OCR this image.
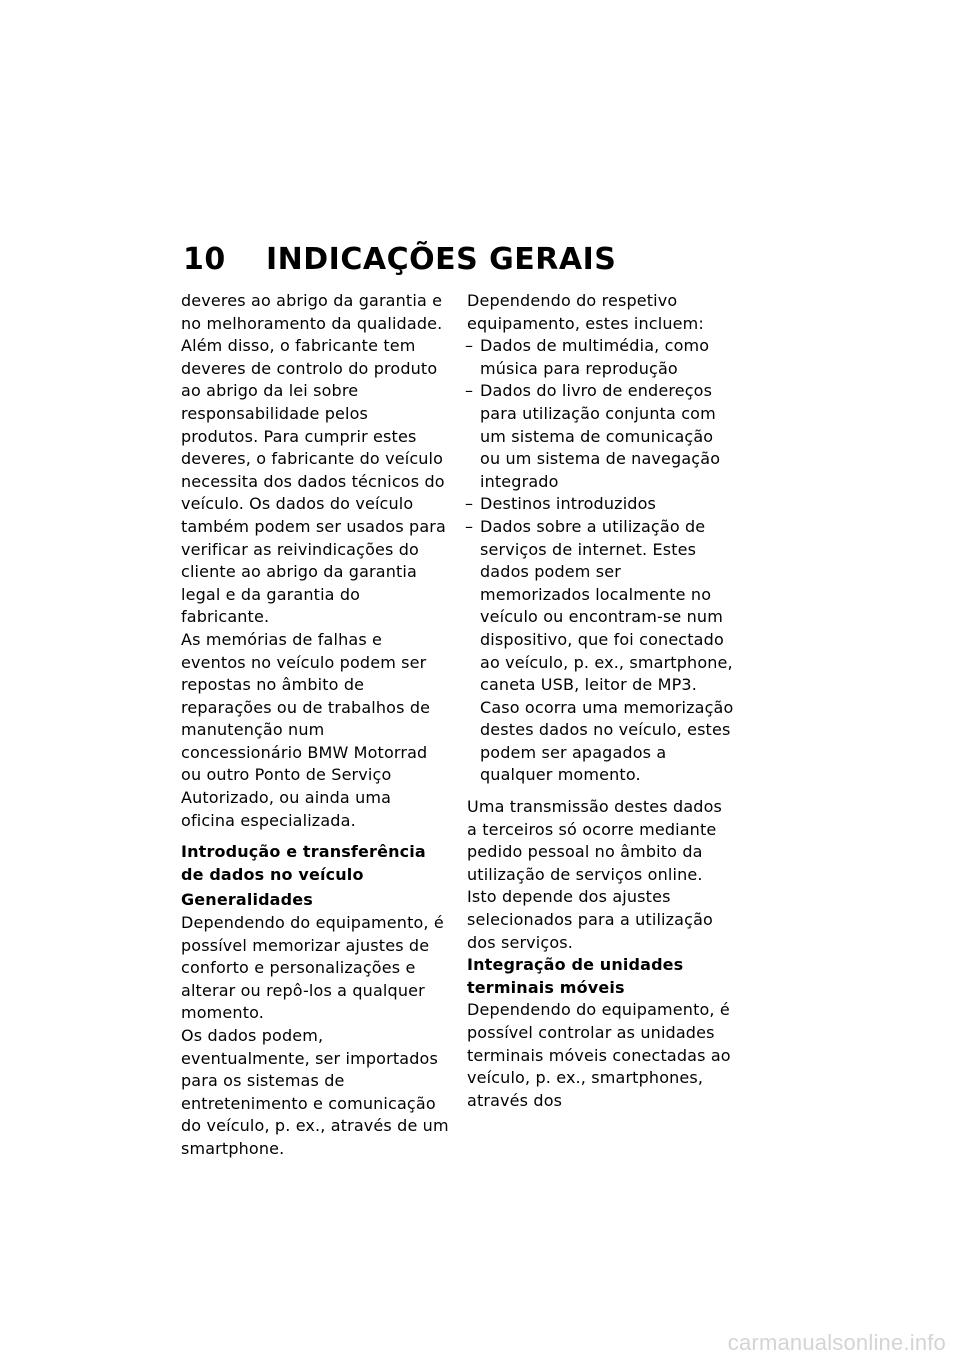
10 INDICAÇÕES GERAIS

deveres ao abrigo da garantia e no melhoramento da qualidade. Além disso, o fabricante tem deveres de controlo do produto ao abrigo da lei sobre responsabilidade pelos produtos. Para cumprir estes deveres, o fabricante do veículo necessita dos dados técnicos do veículo. Os dados do veículo também podem ser usados para verificar as reivindicações do cliente ao abrigo da garantia legal e da garantia do fabricante.

As memórias de falhas e eventos no veículo podem ser repostas no âmbito de reparações ou de trabalhos de manutenção num concessionário BMW Motorrad ou outro Ponto de Serviço Autorizado, ou ainda uma oficina especializada.

Introdução e transferência de dados no veículo
Generalidades

Dependendo do equipamento, é possível memorizar ajustes de conforto e personalizações e alterar ou repô-los a qualquer momento.

Os dados podem, eventualmente, ser importados para os sistemas de entretenimento e comunicação do veículo, p. ex., através de um smartphone.

Dependendo do respetivo equipamento, estes incluem:

– Dados de multimédia, como música para reprodução
– Dados do livro de endereços para utilização conjunta com um sistema de comunicação ou um sistema de navegação integrado
– Destinos introduzidos
– Dados sobre a utilização de serviços de internet. Estes dados podem ser memorizados localmente no veículo ou encontram-se num dispositivo, que foi conectado ao veículo, p. ex., smartphone, caneta USB, leitor de MP3. Caso ocorra uma memorização destes dados no veículo, estes podem ser apagados a qualquer momento.

Uma transmissão destes dados a terceiros só ocorre mediante pedido pessoal no âmbito da utilização de serviços online. Isto depende dos ajustes selecionados para a utilização dos serviços.

Integração de unidades terminais móveis

Dependendo do equipamento, é possível controlar as unidades terminais móveis conectadas ao veículo, p. ex., smartphones, através dos

carmanualsonline.info
